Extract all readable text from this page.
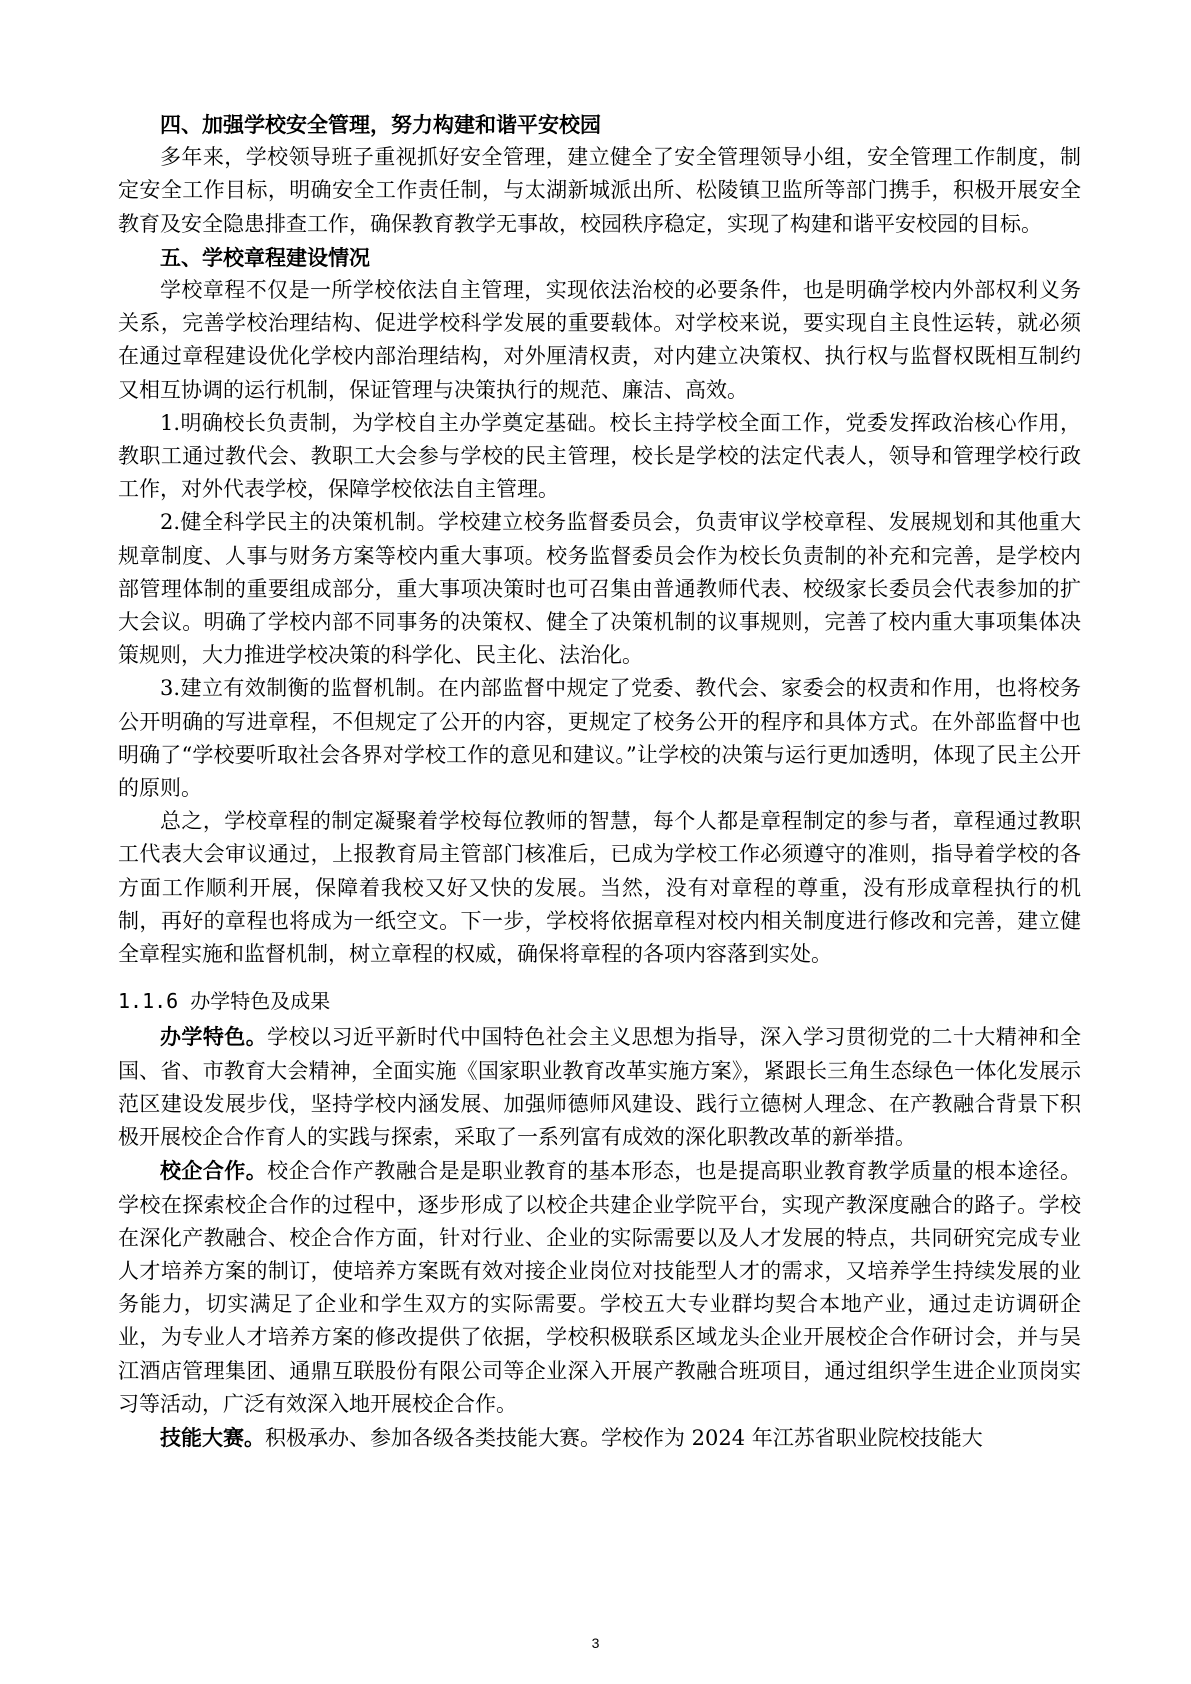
四、加强学校安全管理，努力构建和谐平安校园

多年来，学校领导班子重视抓好安全管理，建立健全了安全管理领导小组，安全管理工作制度，制定安全工作目标，明确安全工作责任制，与太湖新城派出所、松陵镇卫监所等部门携手，积极开展安全教育及安全隐患排查工作，确保教育教学无事故，校园秩序稳定，实现了构建和谐平安校园的目标。

五、学校章程建设情况

学校章程不仅是一所学校依法自主管理，实现依法治校的必要条件，也是明确学校内外部权利义务关系，完善学校治理结构、促进学校科学发展的重要载体。对学校来说，要实现自主良性运转，就必须在通过章程建设优化学校内部治理结构，对外厘清权责，对内建立决策权、执行权与监督权既相互制约又相互协调的运行机制，保证管理与决策执行的规范、廉洁、高效。

1.明确校长负责制，为学校自主办学奠定基础。校长主持学校全面工作，党委发挥政治核心作用，教职工通过教代会、教职工大会参与学校的民主管理，校长是学校的法定代表人，领导和管理学校行政工作，对外代表学校，保障学校依法自主管理。

2.健全科学民主的决策机制。学校建立校务监督委员会，负责审议学校章程、发展规划和其他重大规章制度、人事与财务方案等校内重大事项。校务监督委员会作为校长负责制的补充和完善，是学校内部管理体制的重要组成部分，重大事项决策时也可召集由普通教师代表、校级家长委员会代表参加的扩大会议。明确了学校内部不同事务的决策权、健全了决策机制的议事规则，完善了校内重大事项集体决策规则，大力推进学校决策的科学化、民主化、法治化。

3.建立有效制衡的监督机制。在内部监督中规定了党委、教代会、家委会的权责和作用，也将校务公开明确的写进章程，不但规定了公开的内容，更规定了校务公开的程序和具体方式。在外部监督中也明确了“学校要听取社会各界对学校工作的意见和建议。”让学校的决策与运行更加透明，体现了民主公开的原则。

总之，学校章程的制定凝聚着学校每位教师的智慧，每个人都是章程制定的参与者，章程通过教职工代表大会审议通过，上报教育局主管部门核准后，已成为学校工作必须遵守的准则，指导着学校的各方面工作顺利开展，保障着我校又好又快的发展。当然，没有对章程的尊重，没有形成章程执行的机制，再好的章程也将成为一纸空文。下一步，学校将依据章程对校内相关制度进行修改和完善，建立健全章程实施和监督机制，树立章程的权威，确保将章程的各项内容落到实处。

1.1.6 办学特色及成果

办学特色。学校以习近平新时代中国特色社会主义思想为指导，深入学习贯彻党的二十大精神和全国、省、市教育大会精神，全面实施《国家职业教育改革实施方案》，紧跟长三角生态绿色一体化发展示范区建设发展步伐，坚持学校内涵发展、加强师德师风建设、践行立德树人理念、在产教融合背景下积极开展校企合作育人的实践与探索，采取了一系列富有成效的深化职教改革的新举措。

校企合作。校企合作产教融合是是职业教育的基本形态，也是提高职业教育教学质量的根本途径。学校在探索校企合作的过程中，逐步形成了以校企共建企业学院平台，实现产教深度融合的路子。学校在深化产教融合、校企合作方面，针对行业、企业的实际需要以及人才发展的特点，共同研究完成专业人才培养方案的制订，使培养方案既有效对接企业岗位对技能型人才的需求，又培养学生持续发展的业务能力，切实满足了企业和学生双方的实际需要。学校五大专业群均契合本地产业，通过走访调研企业，为专业人才培养方案的修改提供了依据，学校积极联系区域龙头企业开展校企合作研讨会，并与吴江酒店管理集团、通鼎互联股份有限公司等企业深入开展产教融合班项目，通过组织学生进企业顶岗实习等活动，广泛有效深入地开展校企合作。

技能大赛。积极承办、参加各级各类技能大赛。学校作为 2024 年江苏省职业院校技能大

3
